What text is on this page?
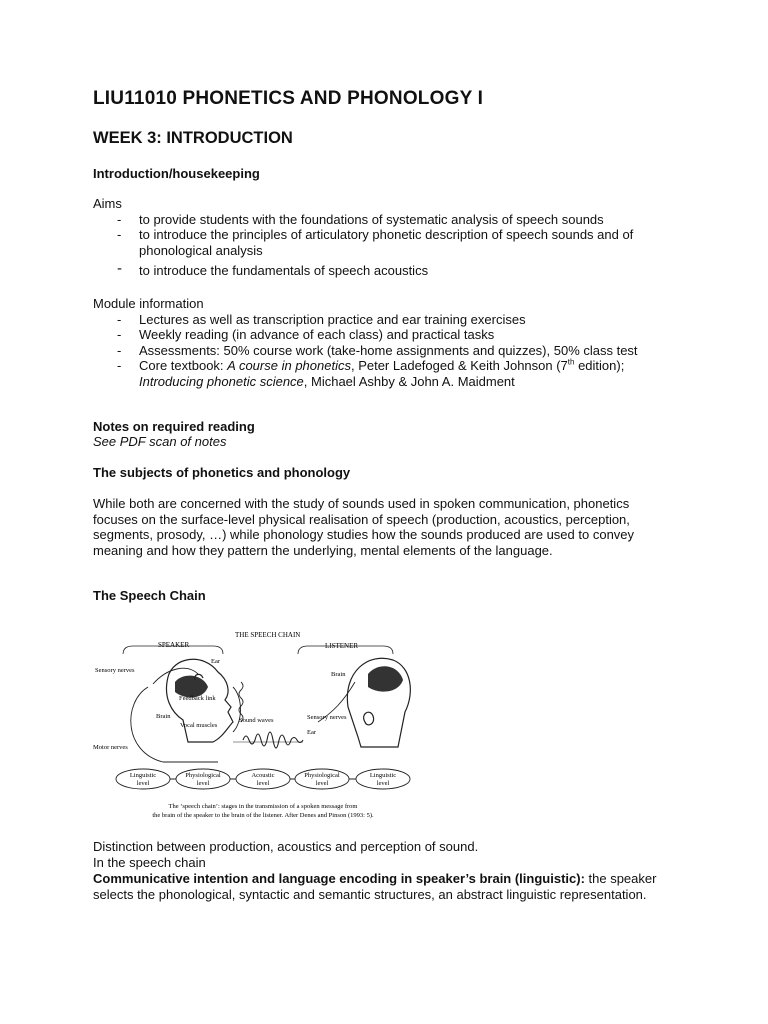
LIU11010 PHONETICS AND PHONOLOGY I
WEEK 3: INTRODUCTION

Introduction/housekeeping

Aims

- to provide students with the foundations of systematic analysis of speech sounds
- to introduce the principles of articulatory phonetic description of speech sounds and of phonological analysis
- to introduce the fundamentals of speech acoustics

Module information

- Lectures as well as transcription practice and ear training exercises
- Weekly reading (in advance of each class) and practical tasks
- Assessments: 50% course work (take-home assignments and quizzes), 50% class test
- Core textbook: A course in phonetics, Peter Ladefoged & Keith Johnson (7th edition);
Introducing phonetic science, Michael Ashby & John A. Maidment

Notes on required reading

See PDF scan of notes

The subjects of phonetics and phonology

While both are concerned with the study of sounds used in spoken communication, phonetics focuses on the surface-level physical realisation of speech (production, acoustics, perception, segments, prosody, …) while phonology studies how the sounds produced are used to convey meaning and how they pattern the underlying, mental elements of the language.

The Speech Chain

THE SPEECH CHAIN
SPEAKER	LISTENER
Ear
Sensory nerves
Feedback link
Brain
Vocal muscles
Sound waves
Motor nerves
Brain
Sensory nerves
Ear
Linguistic
level
Physiological
level
Acoustic
level
Physiological
level
Linguistic
level
The ‘speech chain’: stages in the transmission of a spoken message from
the brain of the speaker to the brain of the listener. After Denes and Pinson (1993: 5).

Distinction between production, acoustics and perception of sound.

In the speech chain

Communicative intention and language encoding in speaker’s brain (linguistic): the speaker selects the phonological, syntactic and semantic structures, an abstract linguistic representation.
